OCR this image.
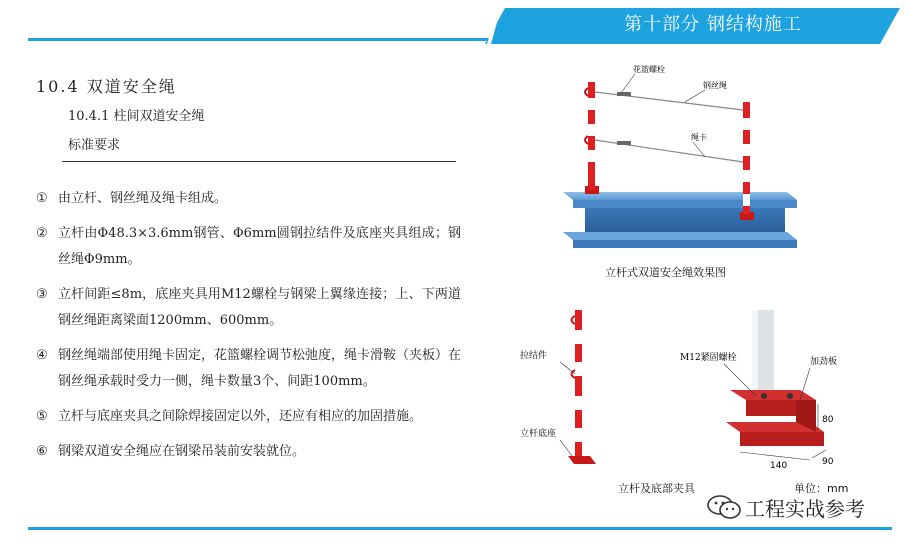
第十部分 钢结构施工
10.4 双道安全绳
10.4.1 柱间双道安全绳
标准要求
① 由立杆、钢丝绳及绳卡组成。
② 立杆由Φ48.3×3.6mm钢管、Φ6mm圆钢拉结件及底座夹具组成；钢丝绳Φ9mm。
③ 立杆间距≤8m，底座夹具用M12螺栓与钢梁上翼缘连接；上、下两道钢丝绳距离梁面1200mm、600mm。
④ 钢丝绳端部使用绳卡固定，花篮螺栓调节松弛度，绳卡滑鞍（夹板）在钢丝绳承载时受力一侧，绳卡数量3个、间距100mm。
⑤ 立杆与底座夹具之间除焊接固定以外，还应有相应的加固措施。
⑥ 钢梁双道安全绳应在钢梁吊装前安装就位。
花篮螺栓
钢丝绳
绳卡
立杆式双道安全绳效果图
拉结件
立杆底座
140	90
80
M12紧固螺栓	加劲板
立杆及底部夹具	单位：mm
工程实战参考
